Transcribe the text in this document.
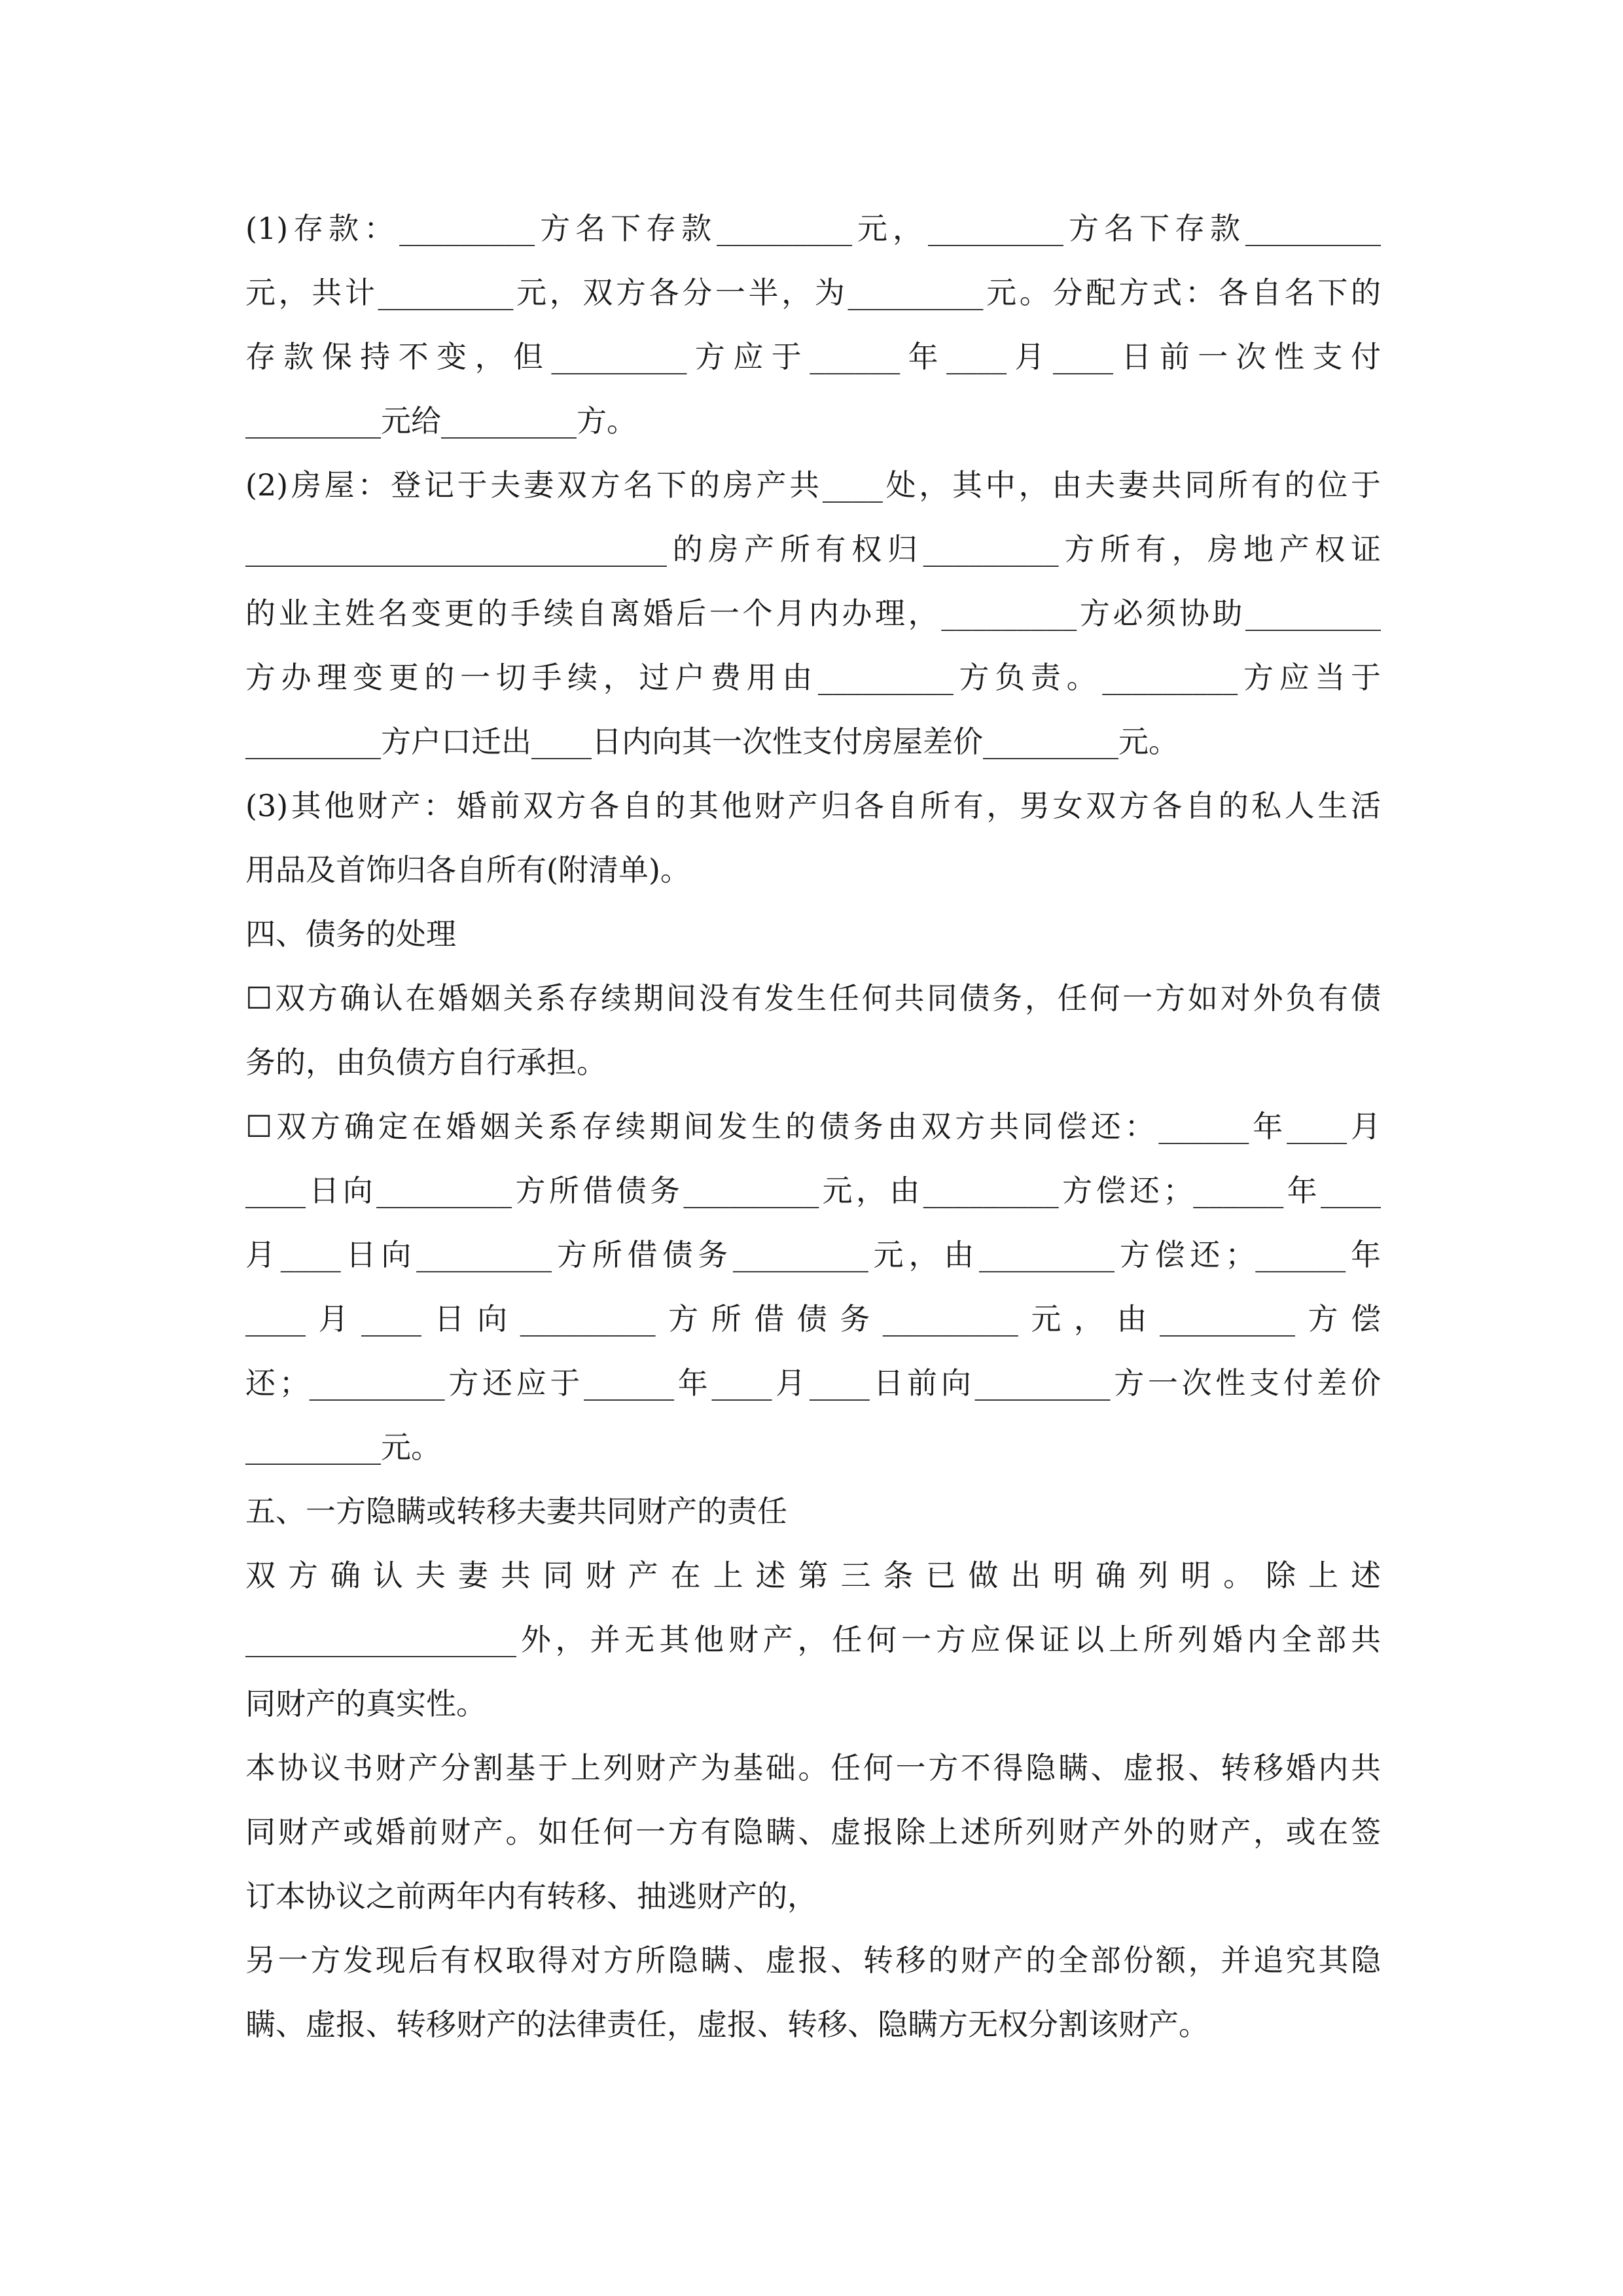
(1)存款：_________方名下存款_________元，_________方名下存款_________
元，共计_________元，双方各分一半，为_________元。分配方式：各自名下的
存款保持不变，但_________方应于______年____月____日前一次性支付
_________元给_________方。
(2)房屋：登记于夫妻双方名下的房产共____处，其中，由夫妻共同所有的位于
____________________________的房产所有权归_________方所有，房地产权证
的业主姓名变更的手续自离婚后一个月内办理，_________方必须协助_________
方办理变更的一切手续，过户费用由_________方负责。_________方应当于
_________方户口迁出____日内向其一次性支付房屋差价_________元。
(3)其他财产：婚前双方各自的其他财产归各自所有，男女双方各自的私人生活
用品及首饰归各自所有(附清单)。
四、债务的处理
☐双方确认在婚姻关系存续期间没有发生任何共同债务，任何一方如对外负有债
务的，由负债方自行承担。
☐双方确定在婚姻关系存续期间发生的债务由双方共同偿还：______年____月
____日向_________方所借债务_________元，由_________方偿还；______年____
月____日向_________方所借债务_________元，由_________方偿还；______年
____月____日向_________方所借债务_________元，由_________方偿
还；_________方还应于______年____月____日前向_________方一次性支付差价
_________元。
五、一方隐瞒或转移夫妻共同财产的责任
双方确认夫妻共同财产在上述第三条已做出明确列明。除上述
__________________外，并无其他财产，任何一方应保证以上所列婚内全部共
同财产的真实性。
本协议书财产分割基于上列财产为基础。任何一方不得隐瞒、虚报、转移婚内共
同财产或婚前财产。如任何一方有隐瞒、虚报除上述所列财产外的财产，或在签
订本协议之前两年内有转移、抽逃财产的，
另一方发现后有权取得对方所隐瞒、虚报、转移的财产的全部份额，并追究其隐
瞒、虚报、转移财产的法律责任，虚报、转移、隐瞒方无权分割该财产。
